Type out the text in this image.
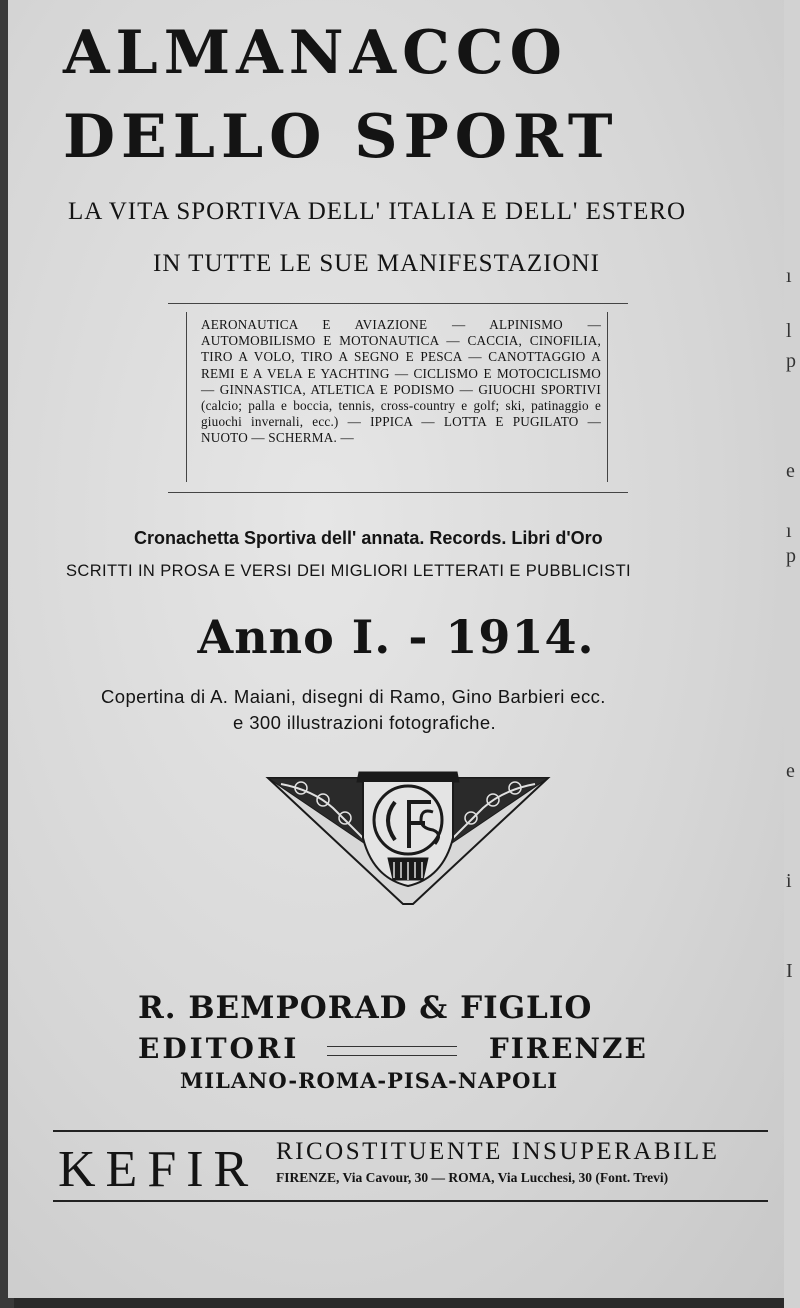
ALMANACCO
DELLO SPORT
LA VITA SPORTIVA DELL' ITALIA E DELL' ESTERO
IN TUTTE LE SUE MANIFESTAZIONI
AERONAUTICA E AVIAZIONE — ALPINISMO — AUTOMOBILISMO E MOTONAUTICA — CACCIA, CINOFILIA, TIRO A VOLO, TIRO A SEGNO E PESCA — CANOTTAGGIO A REMI E A VELA E YACHTING — CICLISMO E MOTOCICLISMO — GINNASTICA, ATLETICA E PODISMO — GIUOCHI SPORTIVI (calcio; palla e boccia, tennis, cross-country e golf; ski, patinaggio e giuochi invernali, ecc.) — IPPICA — LOTTA E PUGILATO — NUOTO — SCHERMA. —
Cronachetta Sportiva dell' annata. Records. Libri d'Oro
SCRITTI IN PROSA E VERSI DEI MIGLIORI LETTERATI E PUBBLICISTI
Anno I. - 1914.
Copertina di A. Maiani, disegni di Ramo, Gino Barbieri ecc.
e 300 illustrazioni fotografiche.
R. BEMPORAD & FIGLIO
EDITORI	FIRENZE
MILANO-ROMA-PISA-NAPOLI
KEFIR RICOSTITUENTE INSUPERABILE
FIRENZE, Via Cavour, 30 — ROMA, Via Lucchesi, 30 (Font. Trevi)
ı
l
p
e
ı
p
e
i
I
